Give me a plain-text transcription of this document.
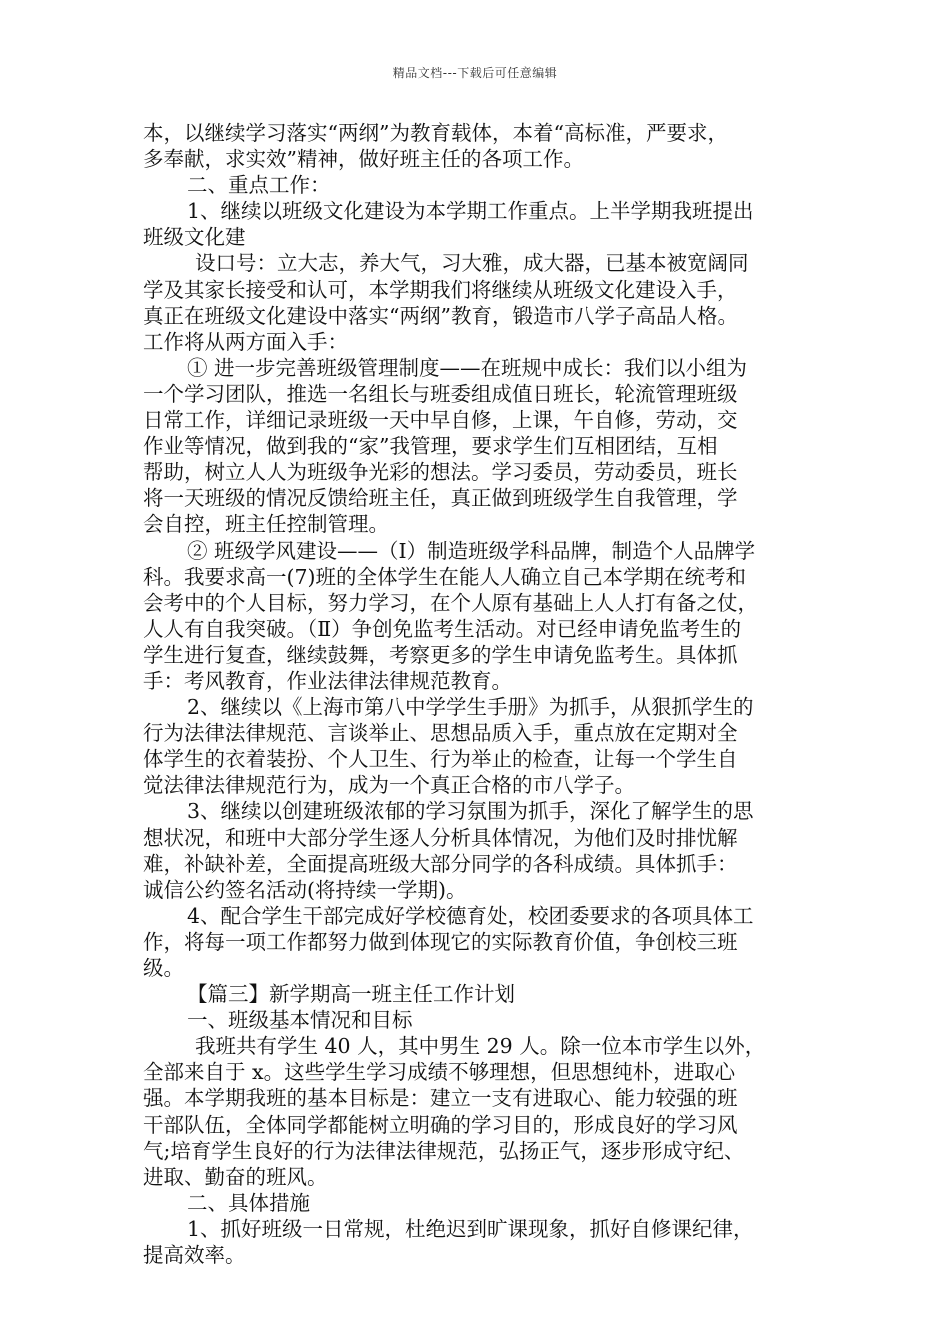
精品文档---下载后可任意编辑
本，以继续学习落实“两纲”为教育载体，本着“高标准，严要求，
多奉献，求实效”精神，做好班主任的各项工作。
二、重点工作：
1、继续以班级文化建设为本学期工作重点。上半学期我班提出
班级文化建
设口号：立大志，养大气，习大雅，成大器，已基本被宽阔同
学及其家长接受和认可，本学期我们将继续从班级文化建设入手，
真正在班级文化建设中落实“两纲”教育，锻造市八学子高品人格。
工作将从两方面入手：
① 进一步完善班级管理制度——在班规中成长：我们以小组为
一个学习团队，推选一名组长与班委组成值日班长，轮流管理班级
日常工作，详细记录班级一天中早自修，上课，午自修，劳动，交
作业等情况，做到我的“家”我管理，要求学生们互相团结，互相
帮助，树立人人为班级争光彩的想法。学习委员，劳动委员，班长
将一天班级的情况反馈给班主任，真正做到班级学生自我管理，学
会自控，班主任控制管理。
② 班级学风建设——（Ⅰ）制造班级学科品牌，制造个人品牌学
科。我要求高一(7)班的全体学生在能人人确立自己本学期在统考和
会考中的个人目标，努力学习，在个人原有基础上人人打有备之仗，
人人有自我突破。（Ⅱ）争创免监考生活动。对已经申请免监考生的
学生进行复查，继续鼓舞，考察更多的学生申请免监考生。具体抓
手：考风教育，作业法律法律规范教育。
2、继续以《上海市第八中学学生手册》为抓手，从狠抓学生的
行为法律法律规范、言谈举止、思想品质入手，重点放在定期对全
体学生的衣着装扮、个人卫生、行为举止的检查，让每一个学生自
觉法律法律规范行为，成为一个真正合格的市八学子。
3、继续以创建班级浓郁的学习氛围为抓手，深化了解学生的思
想状况，和班中大部分学生逐人分析具体情况，为他们及时排忧解
难，补缺补差，全面提高班级大部分同学的各科成绩。具体抓手：
诚信公约签名活动(将持续一学期)。
4、配合学生干部完成好学校德育处，校团委要求的各项具体工
作，将每一项工作都努力做到体现它的实际教育价值，争创校三班
级。
【篇三】新学期高一班主任工作计划
一、班级基本情况和目标
我班共有学生 40 人，其中男生 29 人。除一位本市学生以外，
全部来自于 x。这些学生学习成绩不够理想，但思想纯朴，进取心
强。本学期我班的基本目标是：建立一支有进取心、能力较强的班
干部队伍，全体同学都能树立明确的学习目的，形成良好的学习风
气;培育学生良好的行为法律法律规范，弘扬正气，逐步形成守纪、
进取、勤奋的班风。
二、具体措施
1、抓好班级一日常规，杜绝迟到旷课现象，抓好自修课纪律，
提高效率。
